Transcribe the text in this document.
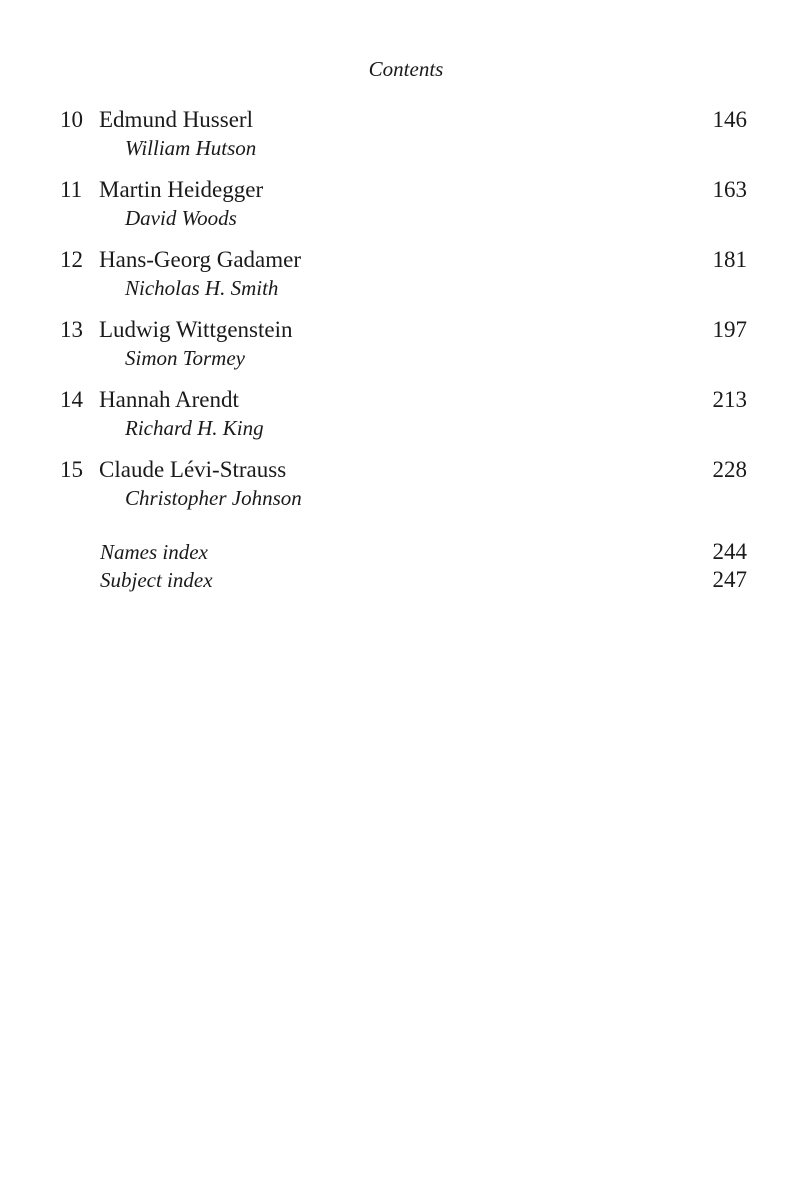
Contents
10 Edmund Husserl	146
William Hutson
11 Martin Heidegger	163
David Woods
12 Hans-Georg Gadamer	181
Nicholas H. Smith
13 Ludwig Wittgenstein	197
Simon Tormey
14 Hannah Arendt	213
Richard H. King
15 Claude Lévi-Strauss	228
Christopher Johnson
Names index	244
Subject index	247
